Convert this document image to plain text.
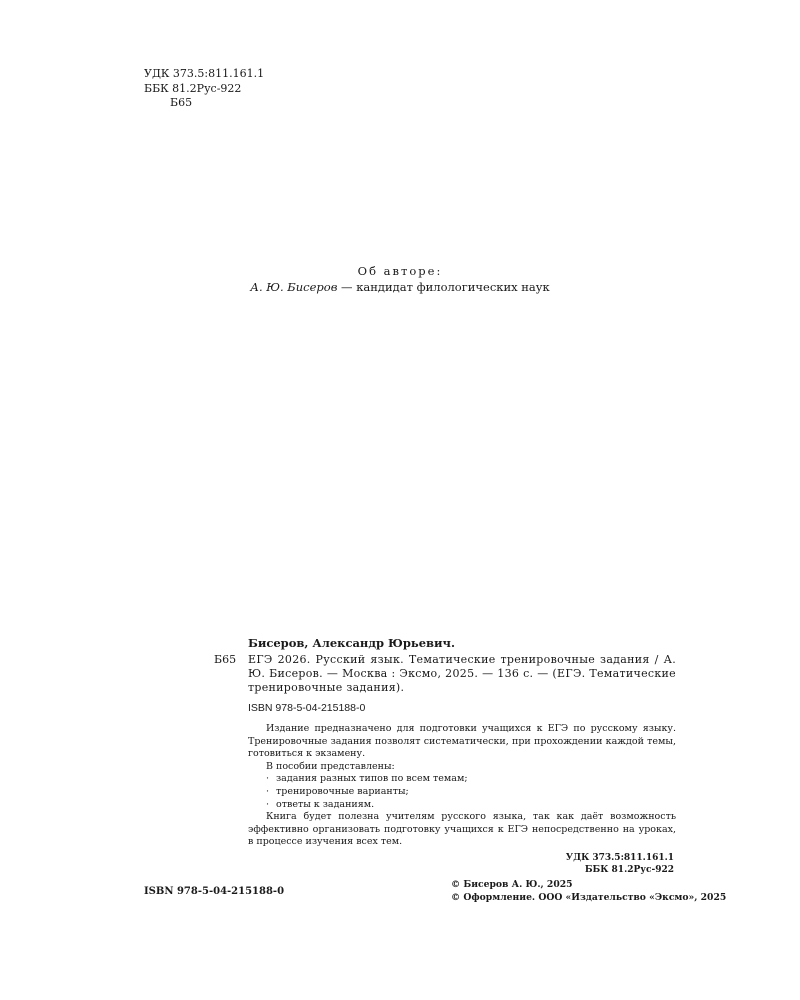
УДК 373.5:811.161.1
ББК 81.2Рус-922
Б65
Об авторе:
А. Ю. Бисеров — кандидат филологических наук
Бисеров, Александр Юрьевич.
Б65	ЕГЭ 2026. Русский язык. Тематические тренировочные задания / А. Ю. Бисеров. — Москва : Эксмо, 2025. — 136 с. — (ЕГЭ. Тематические тренировочные задания).
ISBN 978-5-04-215188-0

Издание предназначено для подготовки учащихся к ЕГЭ по русскому языку. Тренировочные задания позволят систематически, при прохождении каждой темы, готовиться к экзамену.

В пособии представлены:

· задания разных типов по всем темам;
· тренировочные варианты;
· ответы к заданиям.

Книга будет полезна учителям русского языка, так как даёт возможность эффективно организовать подготовку учащихся к ЕГЭ непосредственно на уроках, в процессе изучения всех тем.

УДК 373.5:811.161.1
ББК 81.2Рус-922
ISBN 978-5-04-215188-0
© Бисеров А. Ю., 2025
© Оформление. ООО «Издательство «Эксмо», 2025
